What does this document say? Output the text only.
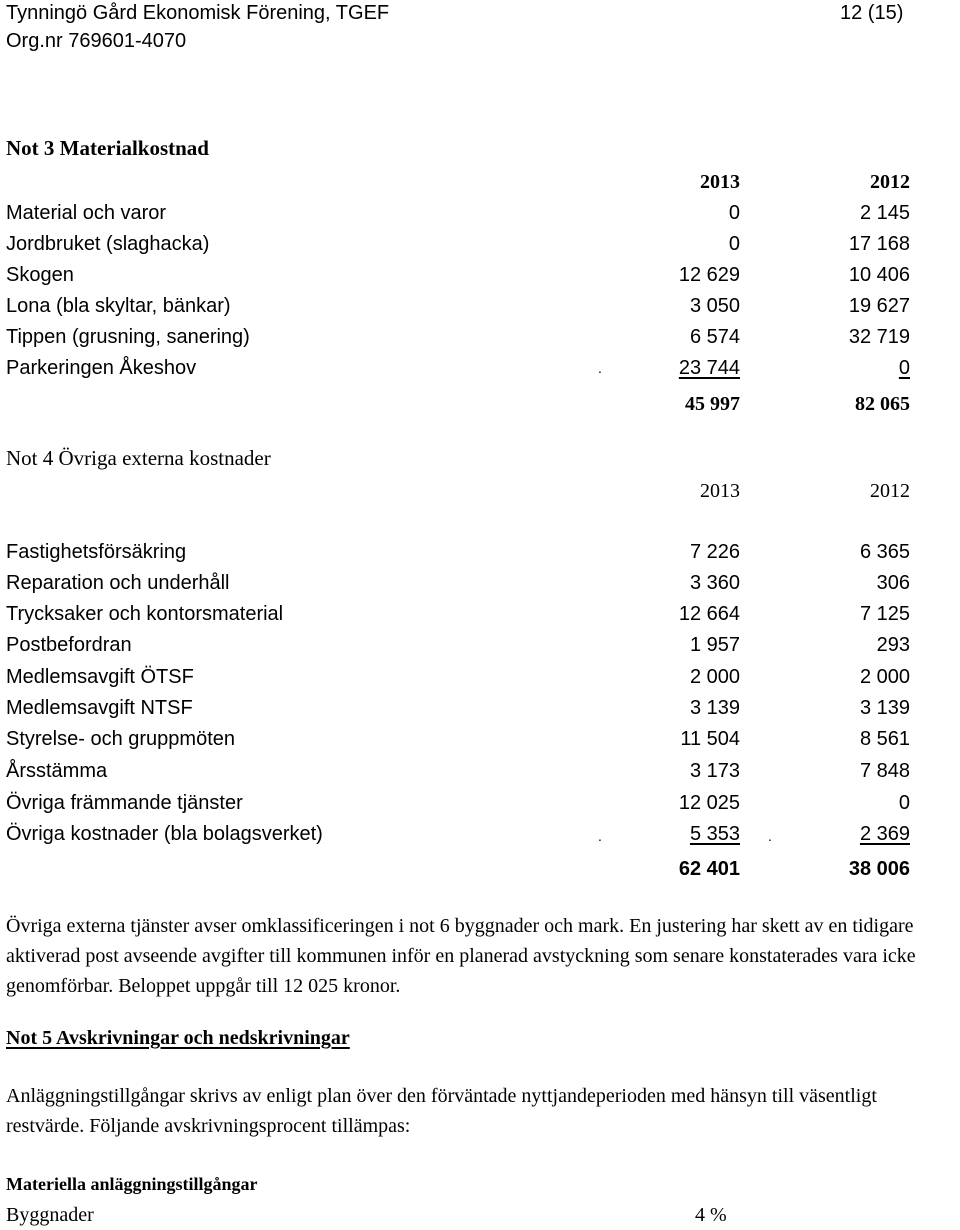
Tynningö Gård Ekonomisk Förening, TGEF
Org.nr 769601-4070
12 (15)
Not 3 Materialkostnad
2013	2012
Material och varor	0	2 145
Jordbruket (slaghacka)	0	17 168
Skogen	12 629	10 406
Lona (bla skyltar, bänkar)	3 050	19 627
Tippen (grusning, sanering)	6 574	32 719
Parkeringen Åkeshov	.	23 744	0
45 997	82 065
Not 4 Övriga externa kostnader
2013	2012
Fastighetsförsäkring	7 226	6 365
Reparation och underhåll	3 360	306
Trycksaker och kontorsmaterial	12 664	7 125
Postbefordran	1 957	293
Medlemsavgift ÖTSF	2 000	2 000
Medlemsavgift NTSF	3 139	3 139
Styrelse- och gruppmöten	11 504	8 561
Årsstämma	3 173	7 848
Övriga främmande tjänster	12 025	0
Övriga kostnader (bla bolagsverket)	.	5 353 .	2 369
62 401	38 006
Övriga externa tjänster avser omklassificeringen i not 6 byggnader och mark. En justering har skett av en tidigare aktiverad post avseende avgifter till kommunen inför en planerad avstyckning som senare konstaterades vara icke genomförbar. Beloppet uppgår till 12 025 kronor.
Not 5 Avskrivningar och nedskrivningar
Anläggningstillgångar skrivs av enligt plan över den förväntade nyttjandeperioden med hänsyn till väsentligt restvärde. Följande avskrivningsprocent tillämpas:
Materiella anläggningstillgångar
Byggnader	4 %
